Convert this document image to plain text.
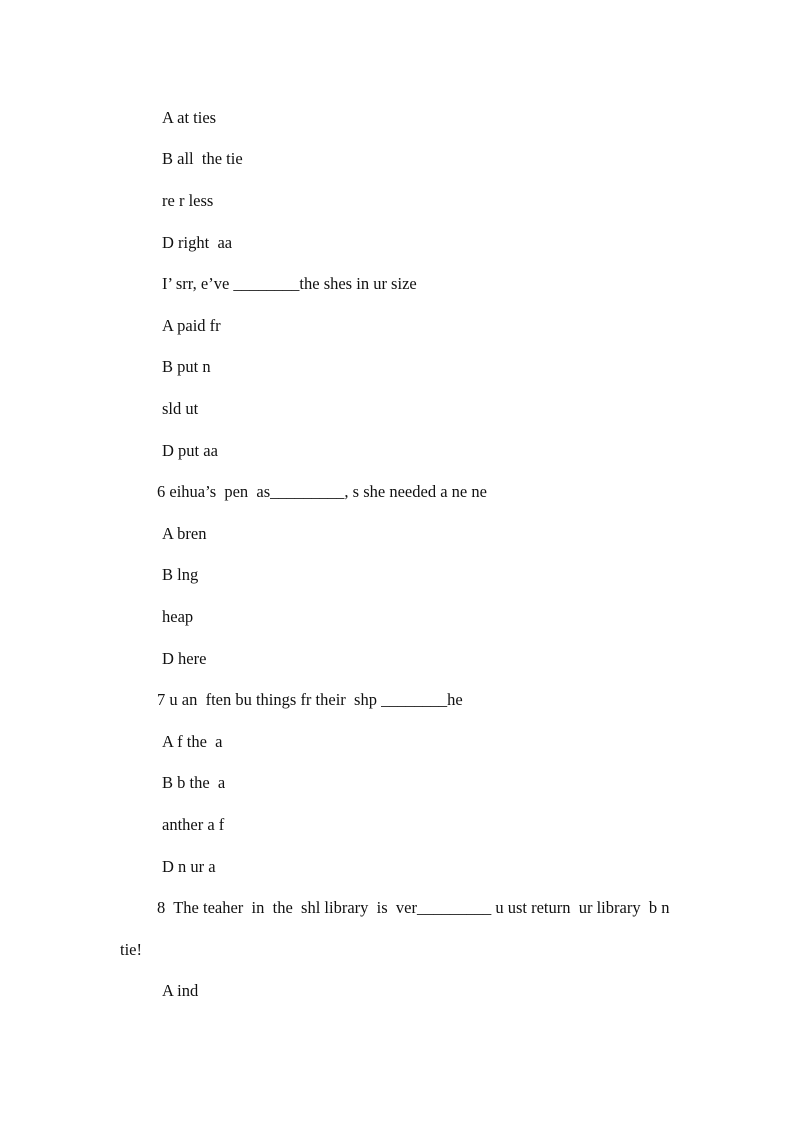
A at ties
B all  the tie
re r less
D right  aa
I’ srr, e’ve ________the shes in ur size
A paid fr
B put n
sld ut
D put aa
6 eihua’s  pen  as_________, s she needed a ne ne
A bren
B lng
heap
D here
7 u an  ften bu things fr their  shp ________he
A f the  a
B b the  a
anther a f
D n ur a
8  The teaher  in  the  shl library  is  ver_________ u ust return  ur library  b n
tie!
A ind
